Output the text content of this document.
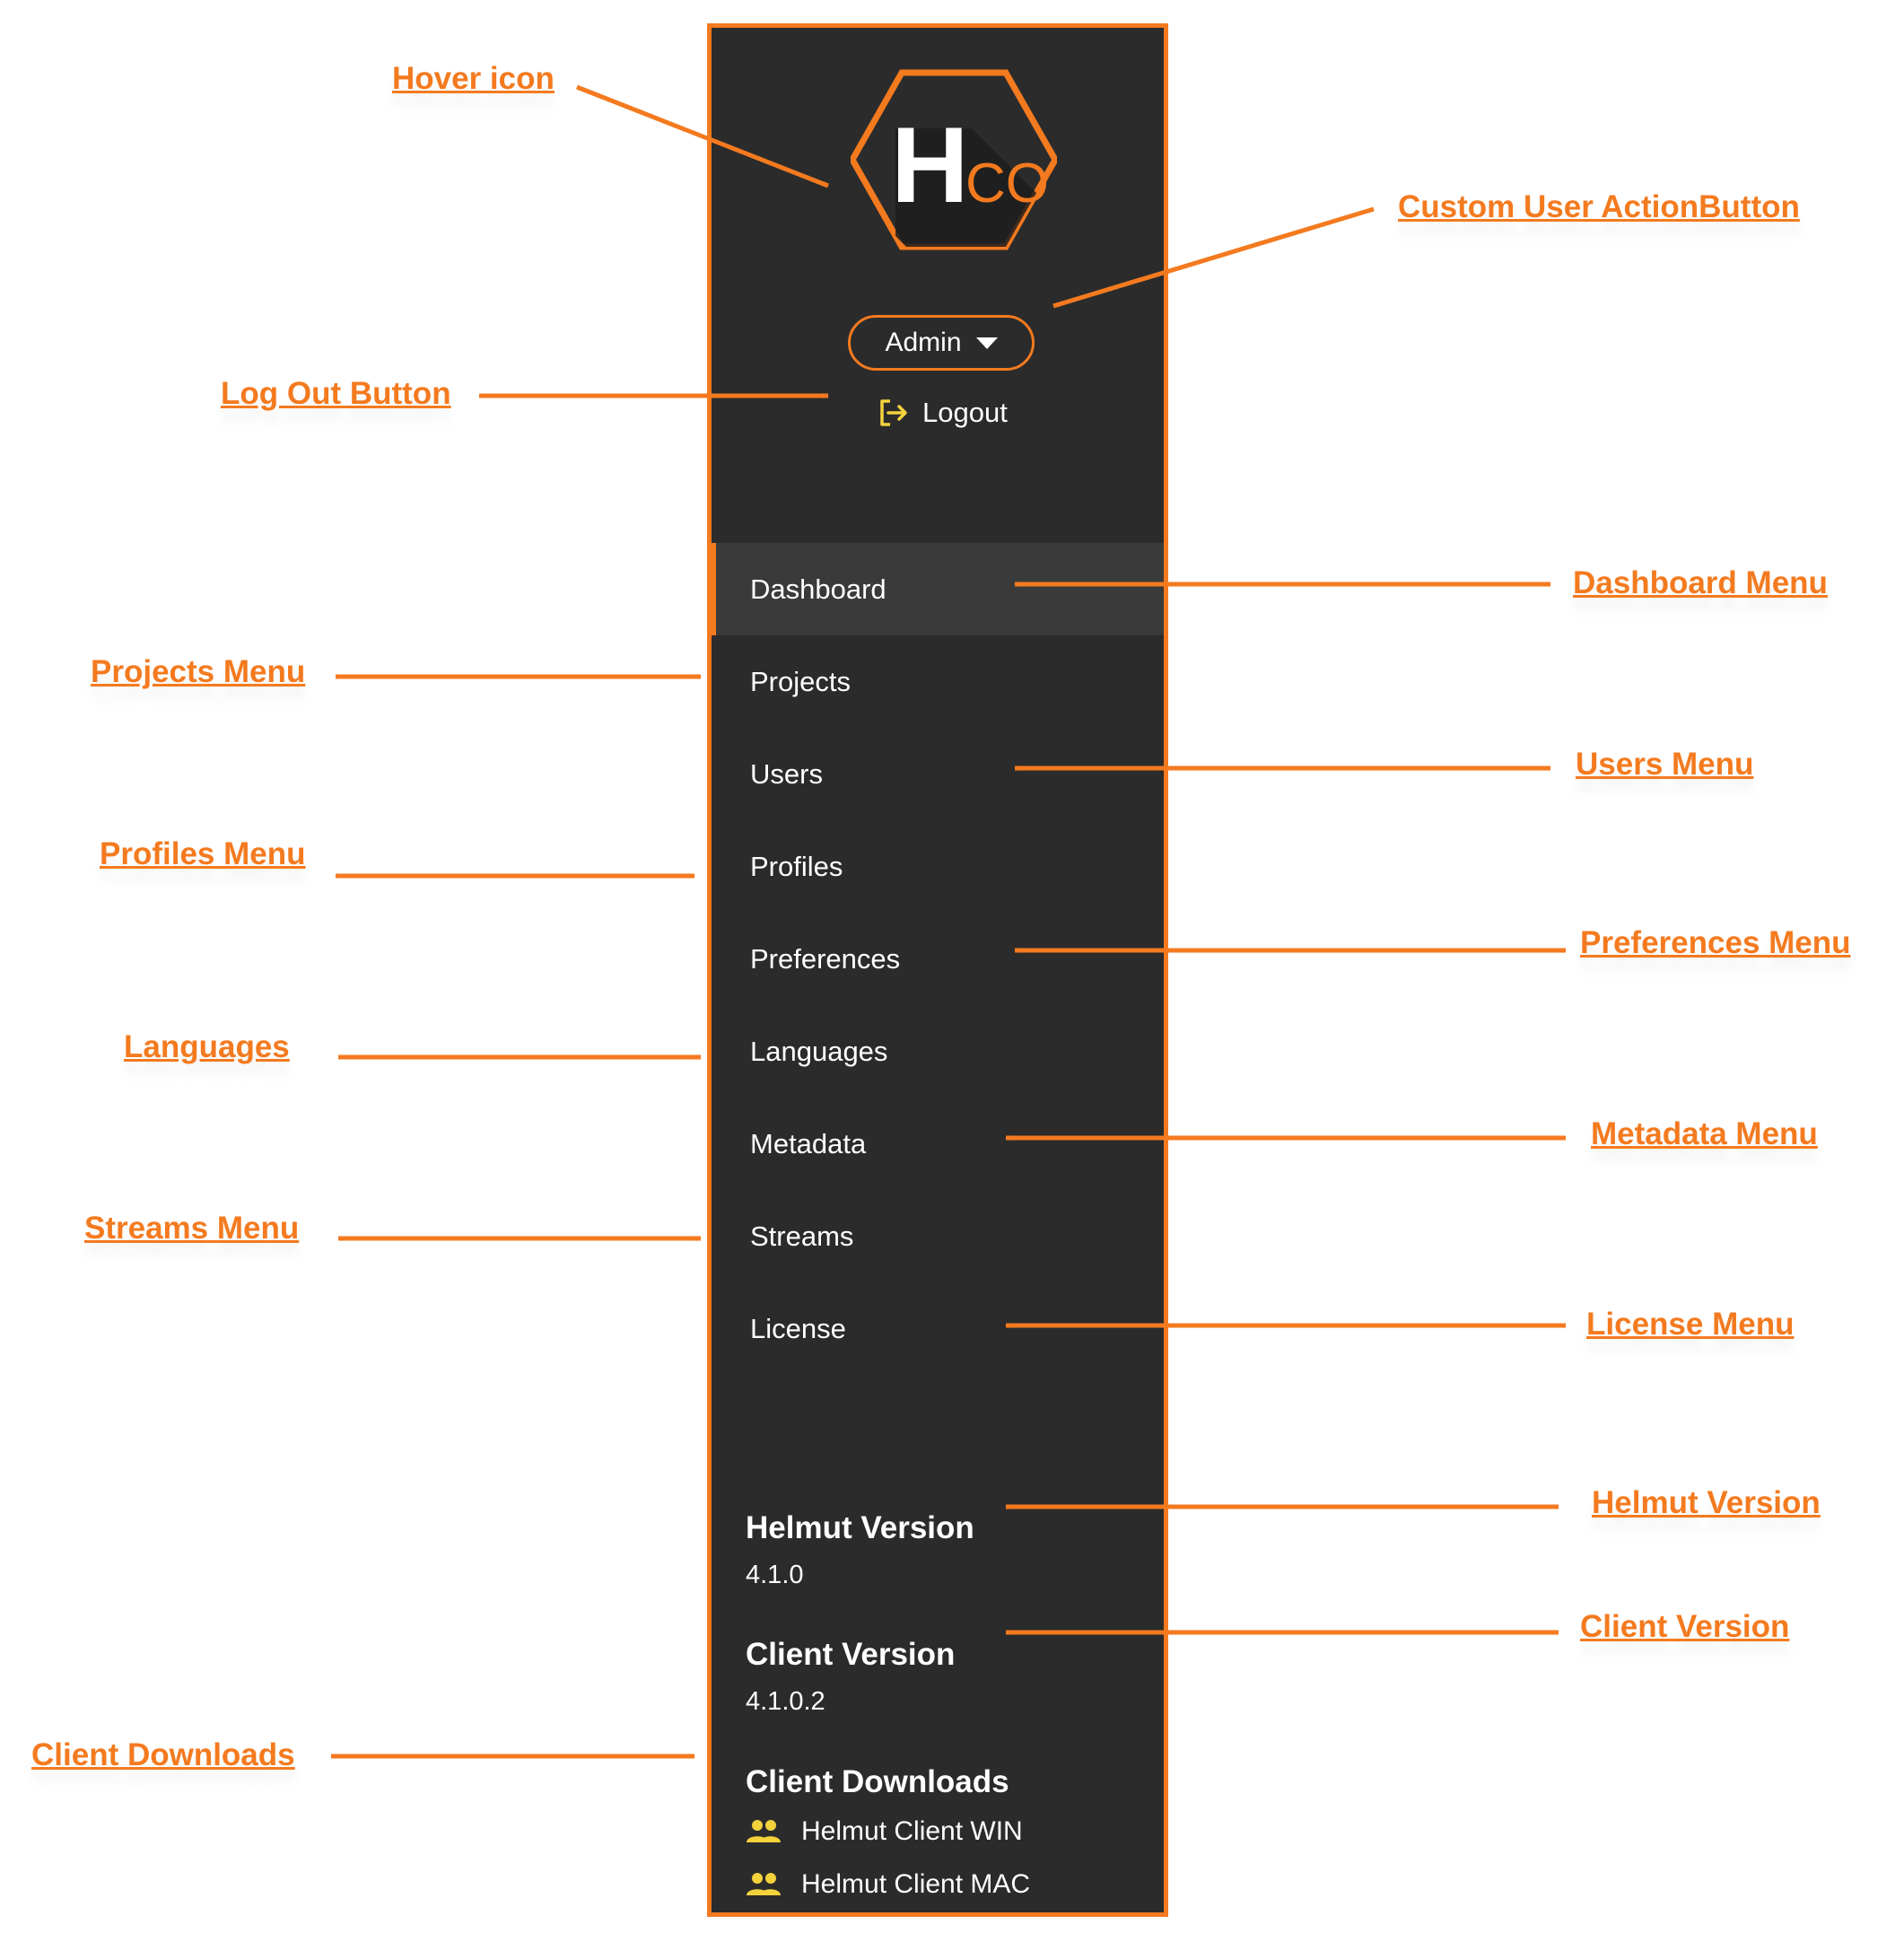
H
CO
Admin
Logout
Dashboard
Projects
Users
Profiles
Preferences
Languages
Metadata
Streams
License
Helmut Version
4.1.0
Client Version
4.1.0.2
Client Downloads
Helmut Client WIN
Helmut Client MAC
Hover icon
Custom User ActionButton
Log Out Button
Dashboard Menu
Projects Menu
Users Menu
Profiles Menu
Preferences Menu
Languages
Metadata Menu
Streams Menu
License Menu
Helmut Version
Client Version
Client Downloads
